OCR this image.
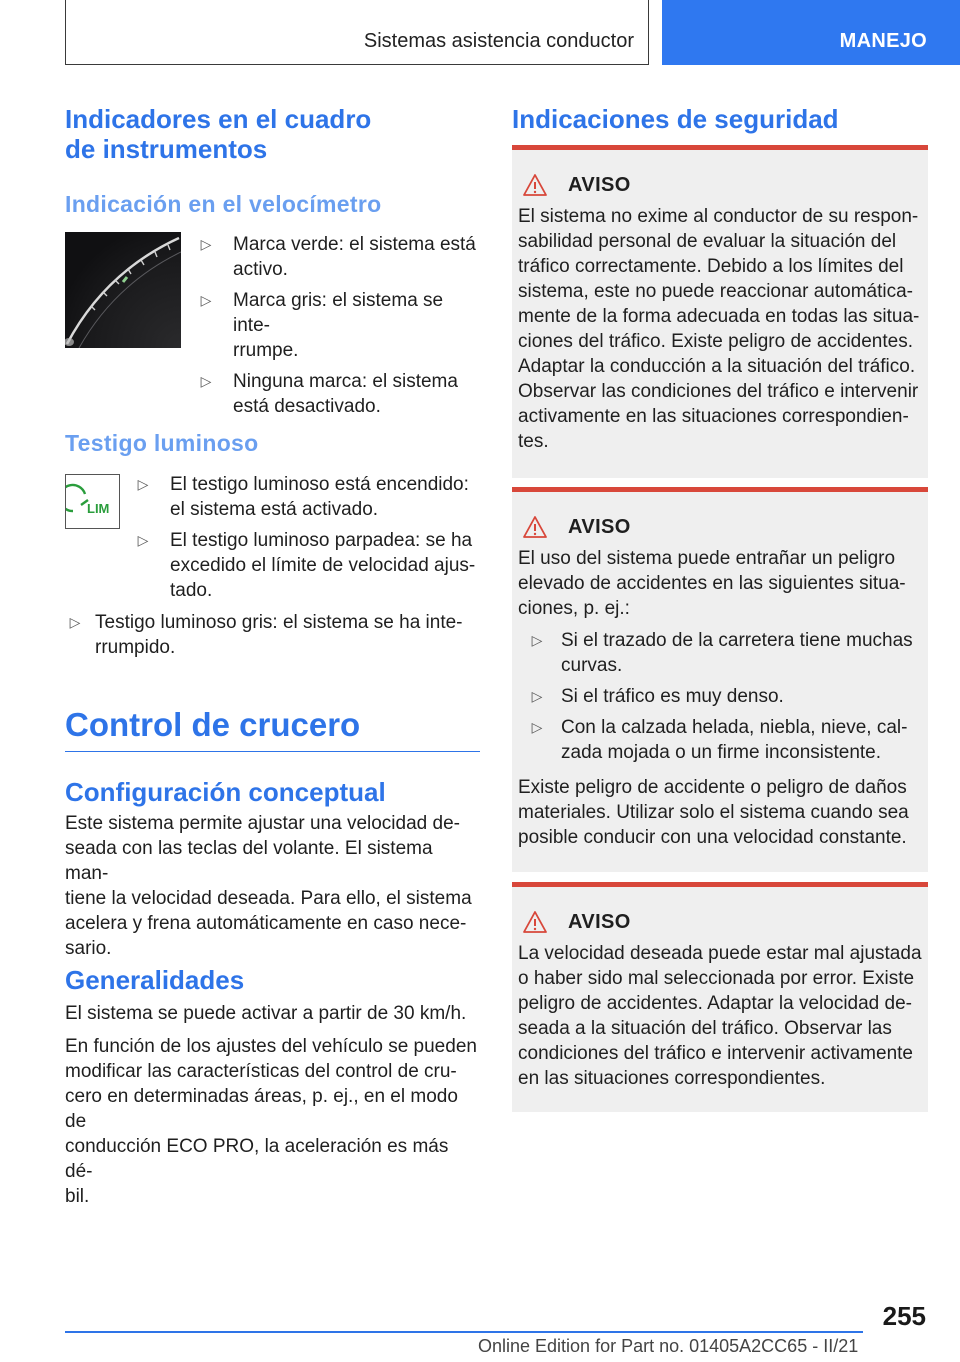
Sistemas asistencia conductor	MANEJO
Indicadores en el cuadro
de instrumentos
Indicación en el velocímetro
▷ Marca verde: el sistema está
activo.
▷ Marca gris: el sistema se inte-
rrumpe.
▷ Ninguna marca: el sistema
está desactivado.
Testigo luminoso
LIM
▷ El testigo luminoso está encendido:
el sistema está activado.
▷ El testigo luminoso parpadea: se ha
excedido el límite de velocidad ajus-
tado.
▷ Testigo luminoso gris: el sistema se ha inte-
rrumpido.
Control de crucero
Configuración conceptual

Este sistema permite ajustar una velocidad de-
seada con las teclas del volante. El sistema man-
tiene la velocidad deseada. Para ello, el sistema
acelera y frena automáticamente en caso nece-
sario.

Generalidades

El sistema se puede activar a partir de 30 km/h.

En función de los ajustes del vehículo se pueden
modificar las características del control de cru-
cero en determinadas áreas, p. ej., en el modo de
conducción ECO PRO, la aceleración es más dé-
bil.

Indicaciones de seguridad
AVISO

El sistema no exime al conductor de su respon-
sabilidad personal de evaluar la situación del
tráfico correctamente. Debido a los límites del
sistema, este no puede reaccionar automática-
mente de la forma adecuada en todas las situa-
ciones del tráfico. Existe peligro de accidentes.
Adaptar la conducción a la situación del tráfico.
Observar las condiciones del tráfico e intervenir
activamente en las situaciones correspondien-
tes.

AVISO

El uso del sistema puede entrañar un peligro
elevado de accidentes en las siguientes situa-
ciones, p. ej.:

▷ Si el trazado de la carretera tiene muchas
curvas.
▷ Si el tráfico es muy denso.
▷ Con la calzada helada, niebla, nieve, cal-
zada mojada o un firme inconsistente.

Existe peligro de accidente o peligro de daños
materiales. Utilizar solo el sistema cuando sea
posible conducir con una velocidad constante.

AVISO

La velocidad deseada puede estar mal ajustada
o haber sido mal seleccionada por error. Existe
peligro de accidentes. Adaptar la velocidad de-
seada a la situación del tráfico. Observar las
condiciones del tráfico e intervenir activamente
en las situaciones correspondientes.

255
Online Edition for Part no. 01405A2CC65 - II/21
